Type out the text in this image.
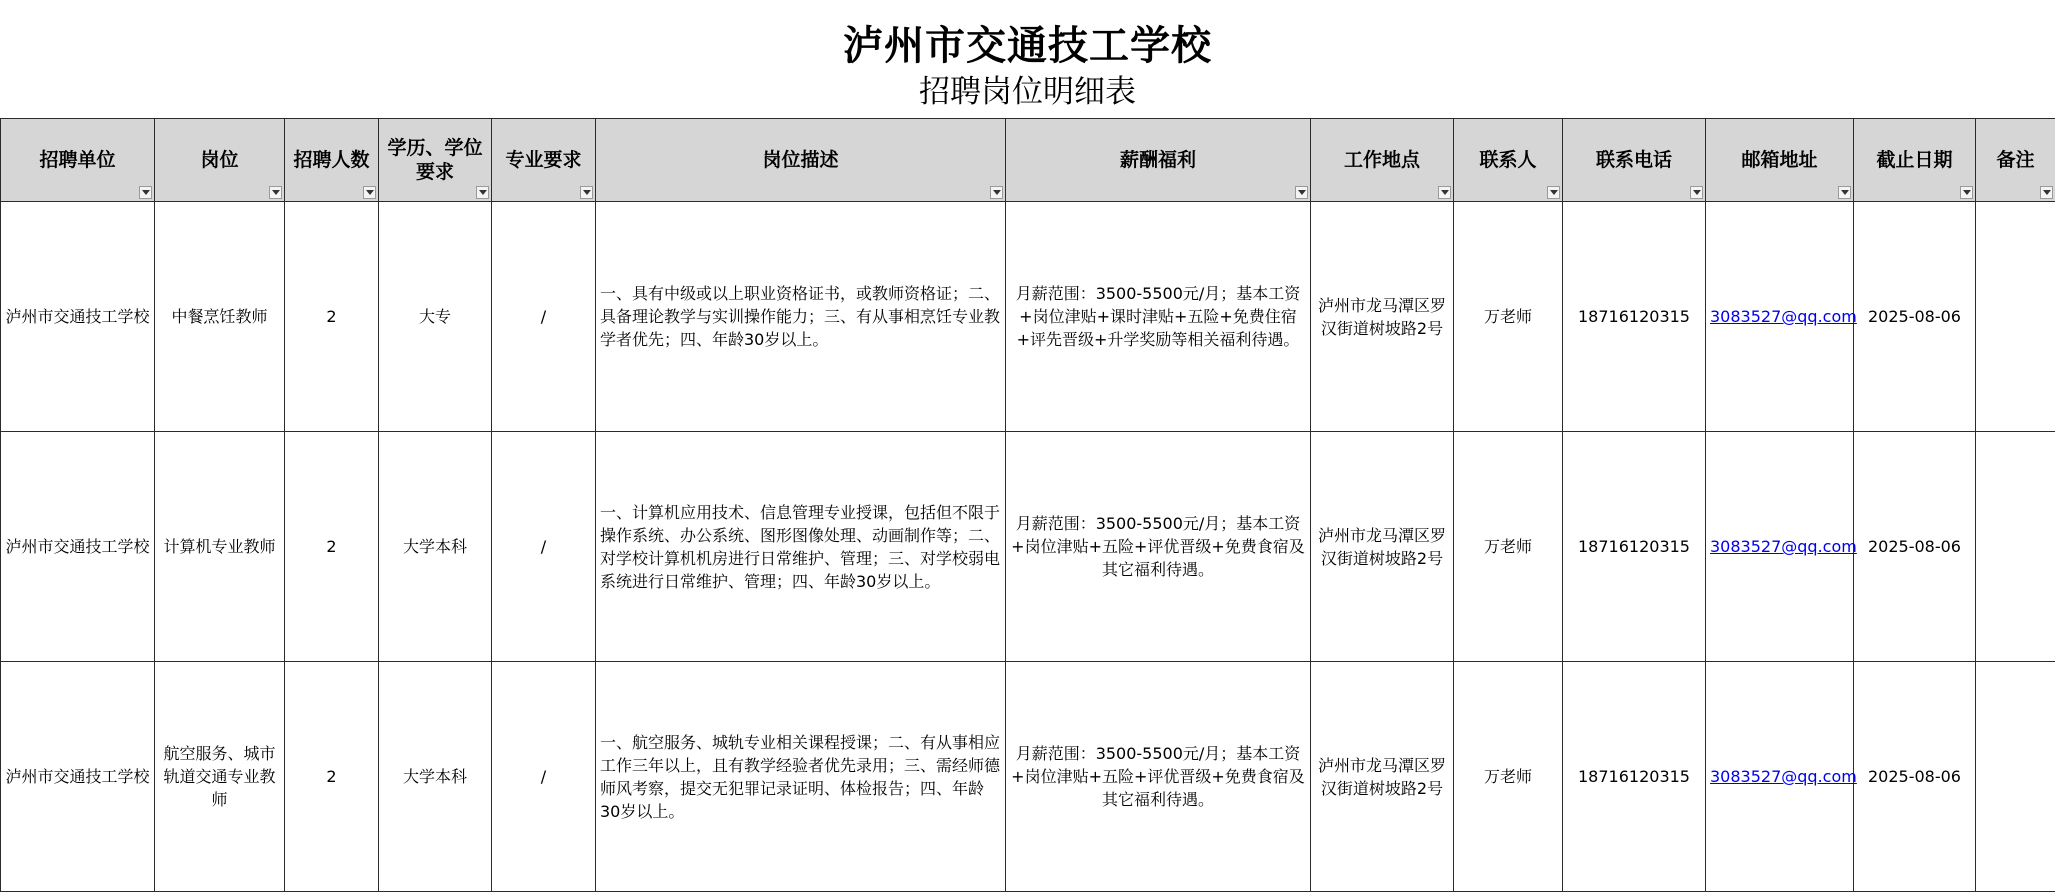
泸州市交通技工学校
招聘岗位明细表
招聘单位	岗位	招聘人数	学历、学位要求	专业要求	岗位描述	薪酬福利	工作地点	联系人	联系电话	邮箱地址	截止日期	备注

泸州市交通技工学校	中餐烹饪教师	2	大专	/	一、具有中级或以上职业资格证书，或教师资格证；二、具备理论教学与实训操作能力；三、有从事相烹饪专业教学者优先；四、年龄30岁以上。	月薪范围：3500-5500元/月；基本工资+岗位津贴+课时津贴+五险+免费住宿+评先晋级+升学奖励等相关福利待遇。	泸州市龙马潭区罗汉街道树坡路2号	万老师	18716120315	3083527@qq.com	2025-08-06	
泸州市交通技工学校	计算机专业教师	2	大学本科	/	一、计算机应用技术、信息管理专业授课，包括但不限于操作系统、办公系统、图形图像处理、动画制作等；二、对学校计算机机房进行日常维护、管理；三、对学校弱电系统进行日常维护、管理；四、年龄30岁以上。	月薪范围：3500-5500元/月；基本工资+岗位津贴+五险+评优晋级+免费食宿及其它福利待遇。	泸州市龙马潭区罗汉街道树坡路2号	万老师	18716120315	3083527@qq.com	2025-08-06	
泸州市交通技工学校	航空服务、城市轨道交通专业教师	2	大学本科	/	一、航空服务、城轨专业相关课程授课；二、有从事相应工作三年以上，且有教学经验者优先录用；三、需经师德师风考察，提交无犯罪记录证明、体检报告；四、年龄30岁以上。	月薪范围：3500-5500元/月；基本工资+岗位津贴+五险+评优晋级+免费食宿及其它福利待遇。	泸州市龙马潭区罗汉街道树坡路2号	万老师	18716120315	3083527@qq.com	2025-08-06	
